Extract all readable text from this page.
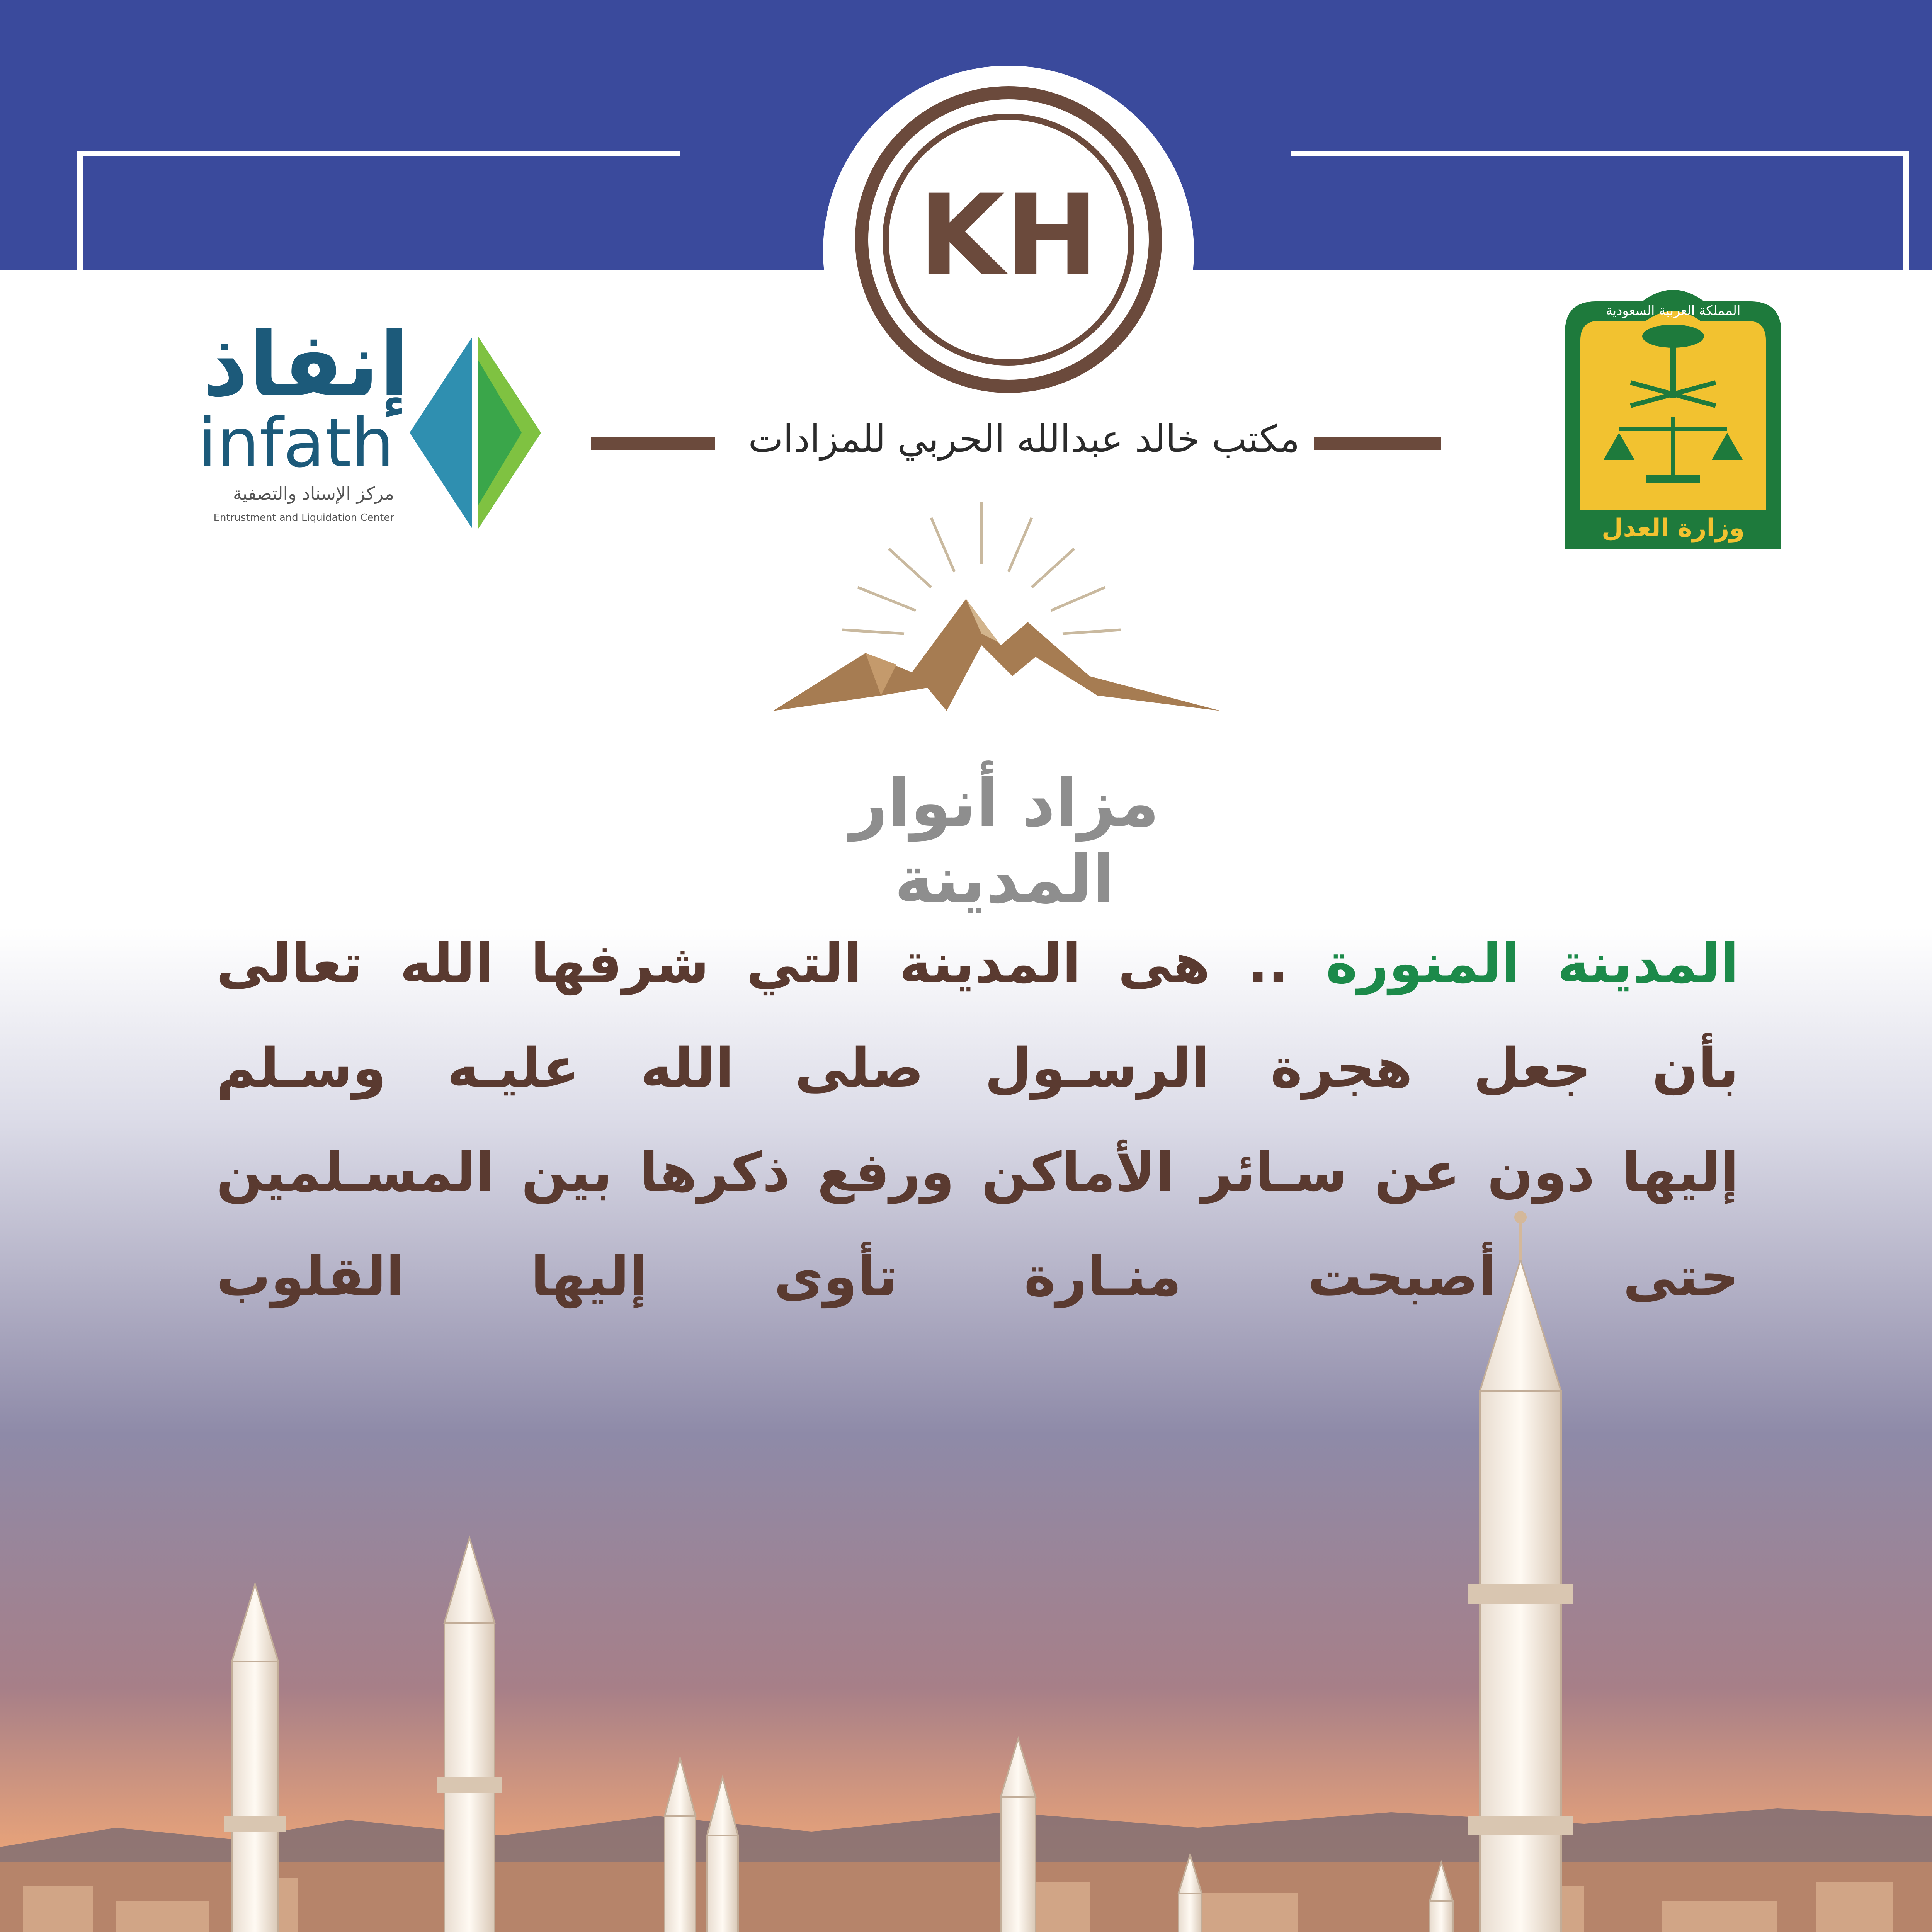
KH
مكتب خالد عبدالله الحربي للمزادات
إنفاذ
infath
مركز الإسناد والتصفية
Entrustment and Liquidation Center
المملكة العربية السعودية
وزارة العدل
مزاد أنوار المدينة
المدينة المنورة .. هى المدينة التي شرفها الله تعالى
بأن جعل هجرة الرسـول صلى الله عليـه وسـلم
إليها دون عن سـائر الأماكن ورفع ذكرها بين المسـلمين
حتى أصبحت منـارة تأوى إليها القلوب
